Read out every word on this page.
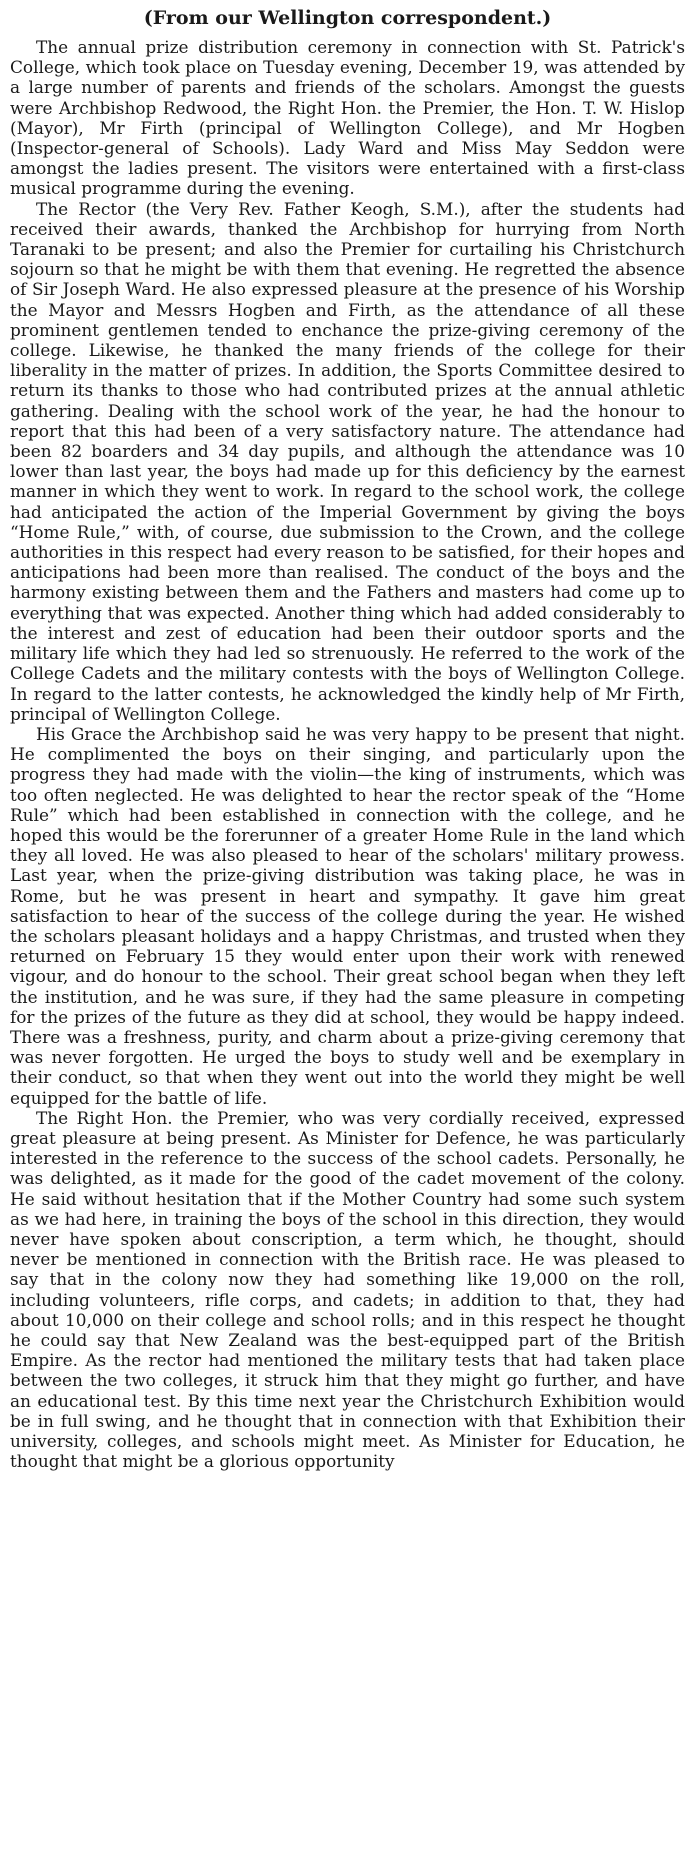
(From our Wellington correspondent.)

The annual prize distribution ceremony in connection with St. Patrick's College, which took place on Tuesday evening, December 19, was attended by a large number of parents and friends of the scholars. Amongst the guests were Archbishop Redwood, the Right Hon. the Premier, the Hon. T. W. Hislop (Mayor), Mr Firth (principal of Wellington College), and Mr Hogben (Inspector-general of Schools). Lady Ward and Miss May Seddon were amongst the ladies present. The visitors were entertained with a first-class musical programme during the evening.

The Rector (the Very Rev. Father Keogh, S.M.), after the students had received their awards, thanked the Archbishop for hurrying from North Taranaki to be present; and also the Premier for curtailing his Christchurch sojourn so that he might be with them that evening. He regretted the absence of Sir Joseph Ward. He also expressed pleasure at the presence of his Worship the Mayor and Messrs Hogben and Firth, as the attendance of all these prominent gentlemen tended to enchance the prize-giving ceremony of the college. Likewise, he thanked the many friends of the college for their liberality in the matter of prizes. In addition, the Sports Committee desired to return its thanks to those who had contributed prizes at the annual athletic gathering. Dealing with the school work of the year, he had the honour to report that this had been of a very satisfactory nature. The attendance had been 82 boarders and 34 day pupils, and although the attendance was 10 lower than last year, the boys had made up for this deficiency by the earnest manner in which they went to work. In regard to the school work, the college had anticipated the action of the Imperial Government by giving the boys “Home Rule,” with, of course, due submission to the Crown, and the college authorities in this respect had every reason to be satisfied, for their hopes and anticipations had been more than realised. The conduct of the boys and the harmony existing between them and the Fathers and masters had come up to everything that was expected. Another thing which had added considerably to the interest and zest of education had been their outdoor sports and the military life which they had led so strenuously. He referred to the work of the College Cadets and the military contests with the boys of Wellington College. In regard to the latter contests, he acknowledged the kindly help of Mr Firth, principal of Wellington College.

His Grace the Archbishop said he was very happy to be present that night. He complimented the boys on their singing, and particularly upon the progress they had made with the violin—the king of instruments, which was too often neglected. He was delighted to hear the rector speak of the “Home Rule” which had been established in connection with the college, and he hoped this would be the forerunner of a greater Home Rule in the land which they all loved. He was also pleased to hear of the scholars' military prowess. Last year, when the prize-giving distribution was taking place, he was in Rome, but he was present in heart and sympathy. It gave him great satisfaction to hear of the success of the college during the year. He wished the scholars pleasant holidays and a happy Christmas, and trusted when they returned on February 15 they would enter upon their work with renewed vigour, and do honour to the school. Their great school began when they left the institution, and he was sure, if they had the same pleasure in competing for the prizes of the future as they did at school, they would be happy indeed. There was a freshness, purity, and charm about a prize-giving ceremony that was never forgotten. He urged the boys to study well and be exemplary in their conduct, so that when they went out into the world they might be well equipped for the battle of life.

The Right Hon. the Premier, who was very cordially received, expressed great pleasure at being present. As Minister for Defence, he was particularly interested in the reference to the success of the school cadets. Personally, he was delighted, as it made for the good of the cadet movement of the colony. He said without hesitation that if the Mother Country had some such system as we had here, in training the boys of the school in this direction, they would never have spoken about conscription, a term which, he thought, should never be mentioned in connection with the British race. He was pleased to say that in the colony now they had something like 19,000 on the roll, including volunteers, rifle corps, and cadets; in addition to that, they had about 10,000 on their college and school rolls; and in this respect he thought he could say that New Zealand was the best-equipped part of the British Empire. As the rector had mentioned the military tests that had taken place between the two colleges, it struck him that they might go further, and have an educational test. By this time next year the Christchurch Exhibition would be in full swing, and he thought that in connection with that Exhibition their university, colleges, and schools might meet. As Minister for Education, he thought that might be a glorious opportunity
